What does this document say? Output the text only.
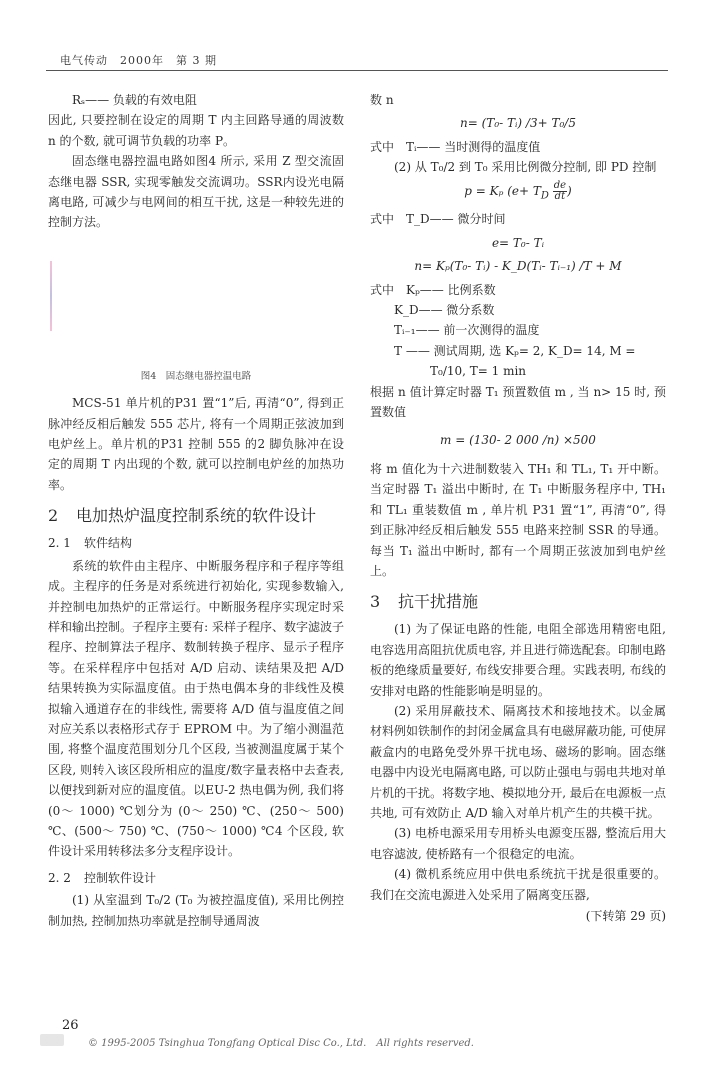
电气传动　2000年　第 3 期

Rₛ—— 负载的有效电阻

因此, 只要控制在设定的周期 T 内主回路导通的周波数 n 的个数, 就可调节负载的功率 P。

固态继电器控温电路如图4 所示, 采用 Z 型交流固态继电器 SSR, 实现零触发交流调功。SSR内设光电隔离电路, 可减少与电网间的相互干扰, 这是一种较先进的控制方法。

图4　固态继电器控温电路

MCS-51 单片机的P31 置“1”后, 再清“0”, 得到正脉冲经反相后触发 555 芯片, 将有一个周期正弦波加到电炉丝上。单片机的P31 控制 555 的2 脚负脉冲在设定的周期 T 内出现的个数, 就可以控制电炉丝的加热功率。

2	电加热炉温度控制系统的软件设计
2. 1 软件结构

系统的软件由主程序、中断服务程序和子程序等组成。主程序的任务是对系统进行初始化, 实现参数输入, 并控制电加热炉的正常运行。中断服务程序实现定时采样和输出控制。子程序主要有: 采样子程序、数字滤波子程序、控制算法子程序、数制转换子程序、显示子程序等。在采样程序中包括对 A/D 启动、读结果及把 A/D 结果转换为实际温度值。由于热电偶本身的非线性及模拟输入通道存在的非线性, 需要将 A/D 值与温度值之间对应关系以表格形式存于 EPROM 中。为了缩小测温范围, 将整个温度范围划分几个区段, 当被测温度属于某个区段, 则转入该区段所相应的温度/数字量表格中去查表, 以便找到新对应的温度值。以EU-2 热电偶为例, 我们将 (0～ 1000) ℃划分为 (0～ 250) ℃、(250～ 500) ℃、(500～ 750) ℃、(750～ 1000) ℃4 个区段, 软件设计采用转移法多分支程序设计。

2. 2 控制软件设计

(1) 从室温到 T₀/2 (T₀ 为被控温度值), 采用比例控制加热, 控制加热功率就是控制导通周波

数 n

n= (T₀- Tᵢ) /3+ T₀/5

式中　Tᵢ—— 当时测得的温度值

(2) 从 T₀/2 到 T₀ 采用比例微分控制, 即 PD 控制

p = Kₚ ($e+ T_D \frac{de}{dt}$ )

式中　T_D—— 微分时间

e= T₀- Tᵢ
n= Kₚ(T₀- Tᵢ) - K_D(Tᵢ- Tᵢ₋₁) /T + M

式中　Kₚ—— 比例系数

K_D—— 微分系数

Tᵢ₋₁—— 前一次测得的温度

T —— 测试周期, 选 Kₚ= 2, K_D= 14, M =

T₀/10, T= 1 min

根据 n 值计算定时器 T₁ 预置数值 m , 当 n> 15 时, 预置数值

m = (130- 2 000 /n) ×500

将 m 值化为十六进制数装入 TH₁ 和 TL₁, T₁ 开中断。当定时器 T₁ 溢出中断时, 在 T₁ 中断服务程序中, TH₁ 和 TL₁ 重装数值 m , 单片机 P31 置“1”, 再清“0”, 得到正脉冲经反相后触发 555 电路来控制 SSR 的导通。每当 T₁ 溢出中断时, 都有一个周期正弦波加到电炉丝上。

3	抗干扰措施

(1) 为了保证电路的性能, 电阻全部选用精密电阻, 电容选用高阻抗优质电容, 并且进行筛选配套。印制电路板的绝缘质量要好, 布线安排要合理。实践表明, 布线的安排对电路的性能影响是明显的。

(2) 采用屏蔽技术、隔离技术和接地技术。以金属材料例如铁制作的封闭金属盒具有电磁屏蔽功能, 可使屏蔽盒内的电路免受外界干扰电场、磁场的影响。固态继电器中内设光电隔离电路, 可以防止强电与弱电共地对单片机的干扰。将数字地、模拟地分开, 最后在电源板一点共地, 可有效防止 A/D 输入对单片机产生的共模干扰。

(3) 电桥电源采用专用桥头电源变压器, 整流后用大电容滤波, 使桥路有一个很稳定的电流。

(4) 微机系统应用中供电系统抗干扰是很重要的。我们在交流电源进入处采用了隔离变压器,

(下转第 29 页)

26
© 1995-2005 Tsinghua Tongfang Optical Disc Co., Ltd.　All rights reserved.
